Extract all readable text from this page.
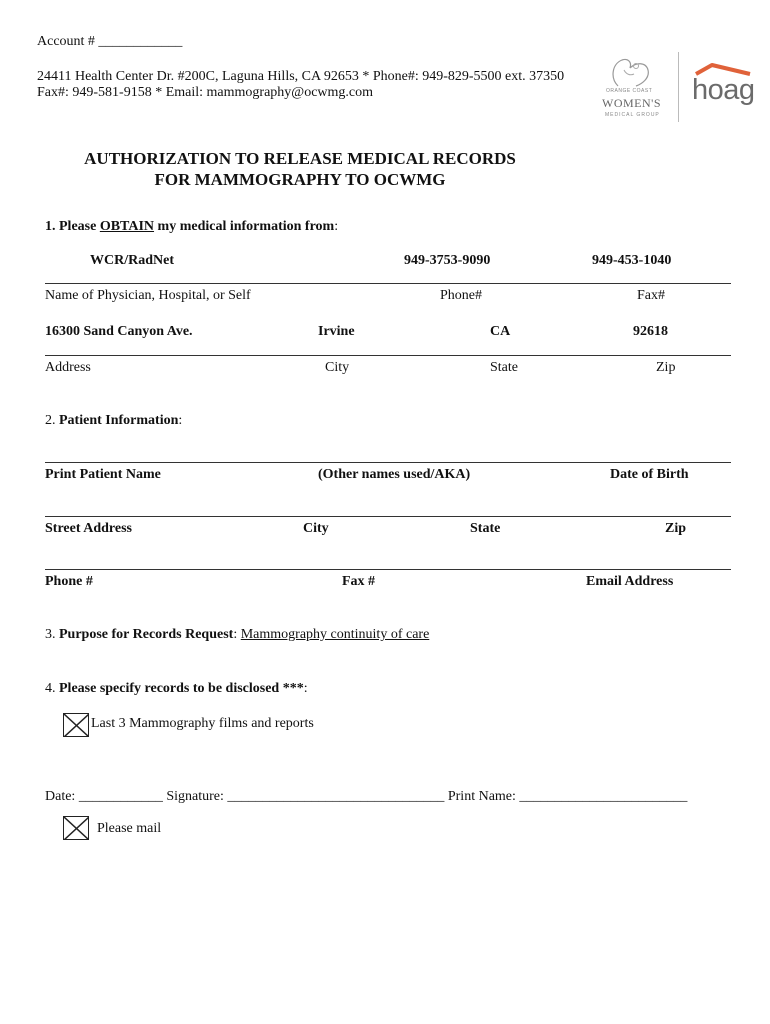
Account # ____________
24411 Health Center Dr. #200C, Laguna Hills, CA 92653 * Phone#: 949-829-5500 ext. 37350
Fax#: 949-581-9158 * Email: mammography@ocwmg.com	ORANGE COAST
WOMEN'S
MEDICAL GROUP
hoag
AUTHORIZATION TO RELEASE MEDICAL RECORDS
FOR MAMMOGRAPHY TO OCWMG
1. Please OBTAIN my medical information from:
WCR/RadNet	949-3753-9090	949-453-1040
Name of Physician, Hospital, or Self	Phone#	Fax#
16300 Sand Canyon Ave.	Irvine	CA	92618
Address	City	State	Zip
2. Patient Information:
Print Patient Name	(Other names used/AKA)	Date of Birth
Street Address	City	State	Zip
Phone #	Fax #	Email Address
3. Purpose for Records Request: Mammography continuity of care
4. Please specify records to be disclosed ***:
Last 3 Mammography films and reports
Date: ____________ Signature: _______________________________ Print Name: ________________________
Please mail
